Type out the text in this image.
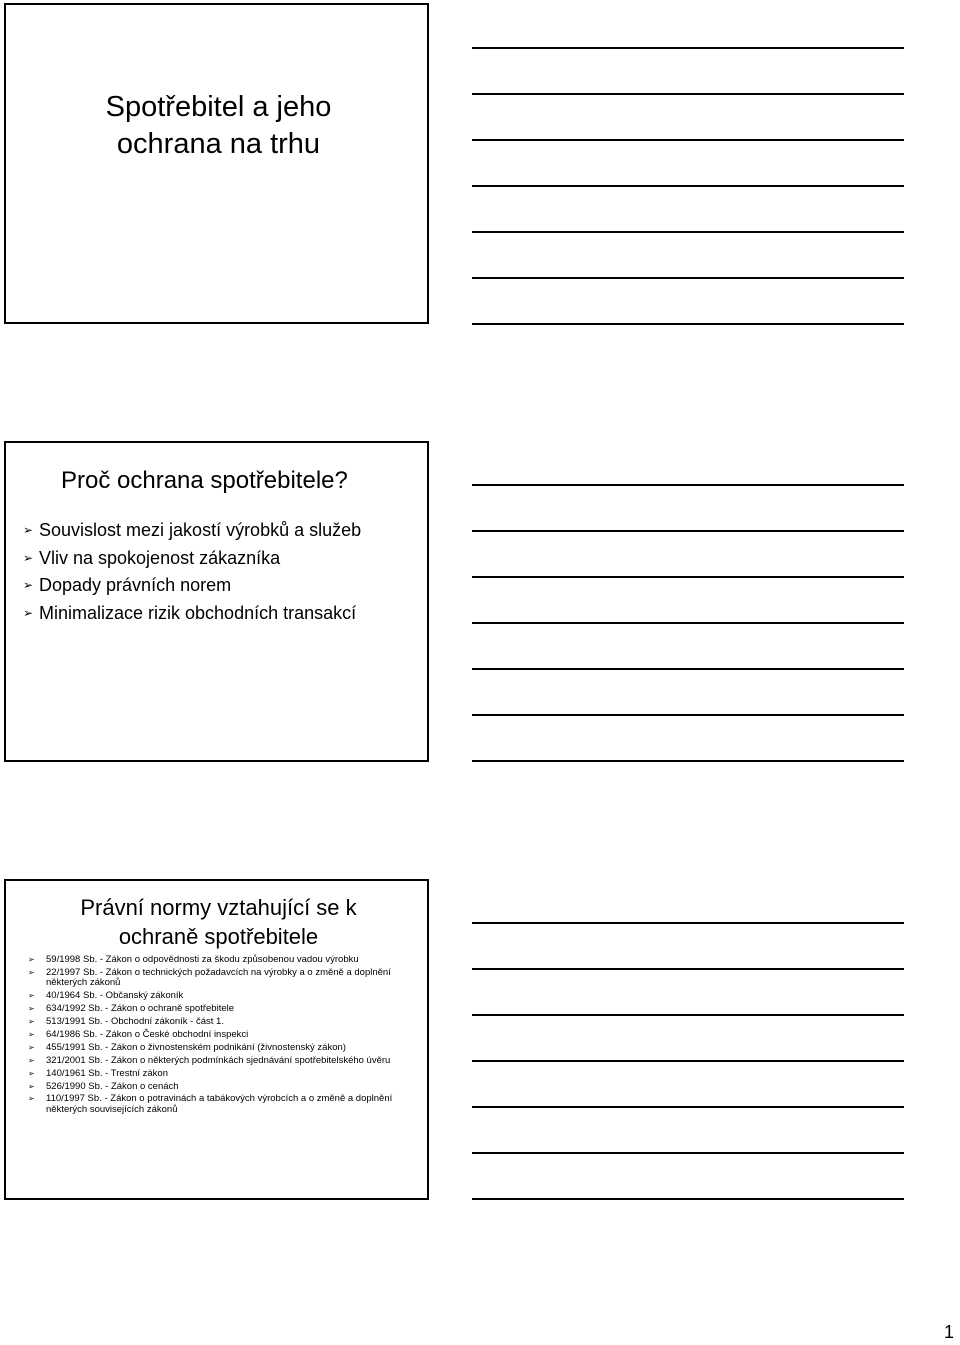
Spotřebitel a jeho
ochrana na trhu
Proč ochrana spotřebitele?
➢ Souvislost mezi jakostí výrobků a služeb
➢ Vliv na spokojenost zákazníka
➢ Dopady právních norem
➢ Minimalizace rizik obchodních transakcí
Právní normy vztahující se k
ochraně spotřebitele
➢ 59/1998 Sb. - Zákon o odpovědnosti za škodu způsobenou vadou výrobku
➢ 22/1997 Sb. - Zákon o technických požadavcích na výrobky a o změně a doplnění některých zákonů
➢ 40/1964 Sb. - Občanský zákoník
➢ 634/1992 Sb. - Zákon o ochraně spotřebitele
➢ 513/1991 Sb. - Obchodní zákoník - část 1.
➢ 64/1986 Sb. - Zákon o České obchodní inspekci
➢ 455/1991 Sb. - Zákon o živnostenském podnikání (živnostenský zákon)
➢ 321/2001 Sb. - Zákon o některých podmínkách sjednávání spotřebitelského úvěru
➢ 140/1961 Sb. - Trestní zákon
➢ 526/1990 Sb. - Zákon o cenách
➢ 110/1997 Sb. - Zákon o potravinách a tabákových výrobcích a o změně a doplnění některých souvisejících zákonů
1
